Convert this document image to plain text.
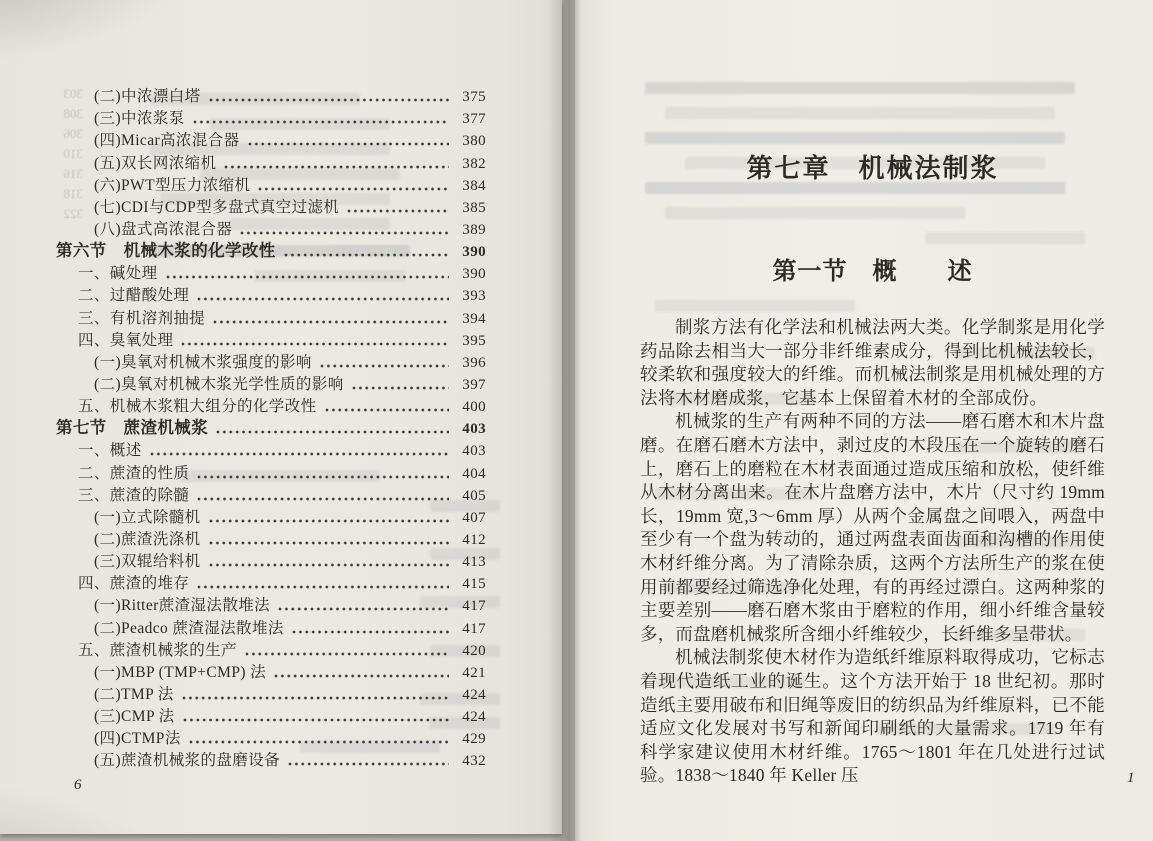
303
308
306
310
316
318
322
(二)中浓漂白塔	375
(三)中浓浆泵	377
(四)Micar高浓混合器	380
(五)双长网浓缩机	382
(六)PWT型压力浓缩机	384
(七)CDI与CDP型多盘式真空过滤机	385
(八)盘式高浓混合器	389
第六节　机械木浆的化学改性	390
一、碱处理	390
二、过醋酸处理	393
三、有机溶剂抽提	394
四、臭氧处理	395
(一)臭氧对机械木浆强度的影响	396
(二)臭氧对机械木浆光学性质的影响	397
五、机械木浆粗大组分的化学改性	400
第七节　蔗渣机械浆	403
一、概述	403
二、蔗渣的性质	404
三、蔗渣的除髓	405
(一)立式除髓机	407
(二)蔗渣洗涤机	412
(三)双辊给料机	413
四、蔗渣的堆存	415
(一)Ritter蔗渣湿法散堆法	417
(二)Peadco 蔗渣湿法散堆法	417
五、蔗渣机械浆的生产	420
(一)MBP (TMP+CMP) 法	421
(二)TMP 法	424
(三)CMP 法	424
(四)CTMP法	429
(五)蔗渣机械浆的盘磨设备	432
6
第七章　机械法制浆
第一节　概　　述

制浆方法有化学法和机械法两大类。化学制浆是用化学药品除去相当大一部分非纤维素成分，得到比机械法较长，较柔软和强度较大的纤维。而机械法制浆是用机械处理的方法将木材磨成浆，它基本上保留着木材的全部成份。

机械浆的生产有两种不同的方法——磨石磨木和木片盘磨。在磨石磨木方法中，剥过皮的木段压在一个旋转的磨石上，磨石上的磨粒在木材表面通过造成压缩和放松，使纤维从木材分离出来。在木片盘磨方法中，木片（尺寸约 19mm 长，19mm 宽,3～6mm 厚）从两个金属盘之间喂入，两盘中至少有一个盘为转动的，通过两盘表面齿面和沟槽的作用使木材纤维分离。为了清除杂质，这两个方法所生产的浆在使用前都要经过筛选净化处理，有的再经过漂白。这两种浆的主要差别——磨石磨木浆由于磨粒的作用，细小纤维含量较多，而盘磨机械浆所含细小纤维较少，长纤维多呈带状。

机械法制浆使木材作为造纸纤维原料取得成功，它标志着现代造纸工业的诞生。这个方法开始于 18 世纪初。那时造纸主要用破布和旧绳等废旧的纺织品为纤维原料，已不能适应文化发展对书写和新闻印刷纸的大量需求。1719 年有科学家建议使用木材纤维。1765～1801 年在几处进行过试验。1838～1840 年 Keller 压	1
